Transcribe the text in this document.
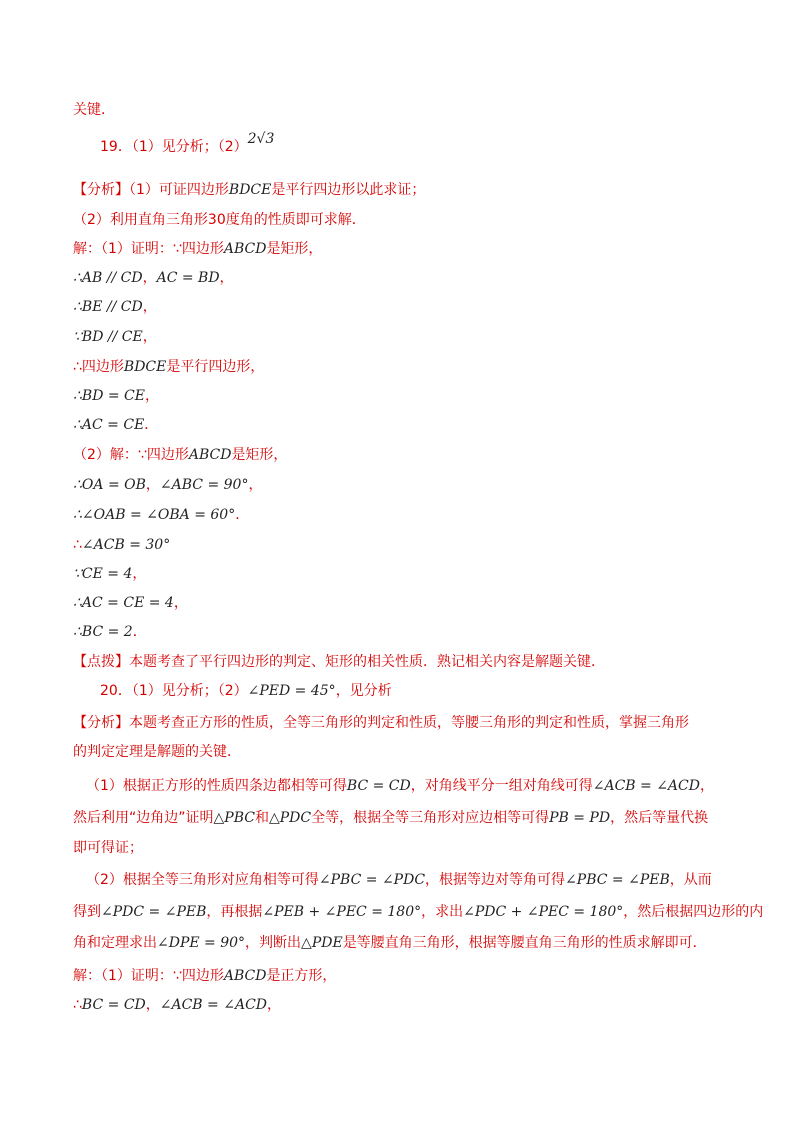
关键．
19．（1）见分析；（2）2√3
【分析】（1）可证四边形BDCE是平行四边形以此求证；
（2）利用直角三角形30度角的性质即可求解．
解：（1）证明：∵四边形ABCD是矩形，
∴AB // CD，AC = BD，
∴BE // CD，
∵BD // CE，
∴四边形BDCE是平行四边形，
∴BD = CE，
∴AC = CE．
（2）解：∵四边形ABCD是矩形，
∴OA = OB，∠ABC = 90°，
∴∠OAB = ∠OBA = 60°．
∴∠ACB = 30°
∵CE = 4，
∴AC = CE = 4，
∴BC = 2．
【点拨】本题考查了平行四边形的判定、矩形的相关性质．熟记相关内容是解题关键．
20．（1）见分析；（2）∠PED = 45°，见分析
【分析】本题考查正方形的性质，全等三角形的判定和性质，等腰三角形的判定和性质，掌握三角形
的判定定理是解题的关键．
（1）根据正方形的性质四条边都相等可得BC = CD，对角线平分一组对角线可得∠ACB = ∠ACD，
然后利用“边角边”证明△PBC和△PDC全等，根据全等三角形对应边相等可得PB = PD，然后等量代换
即可得证；
（2）根据全等三角形对应角相等可得∠PBC = ∠PDC，根据等边对等角可得∠PBC = ∠PEB，从而
得到∠PDC = ∠PEB，再根据∠PEB + ∠PEC = 180°，求出∠PDC + ∠PEC = 180°，然后根据四边形的内
角和定理求出∠DPE = 90°，判断出△PDE是等腰直角三角形，根据等腰直角三角形的性质求解即可．
解：（1）证明：∵四边形ABCD是正方形，
∴BC = CD，∠ACB = ∠ACD，
